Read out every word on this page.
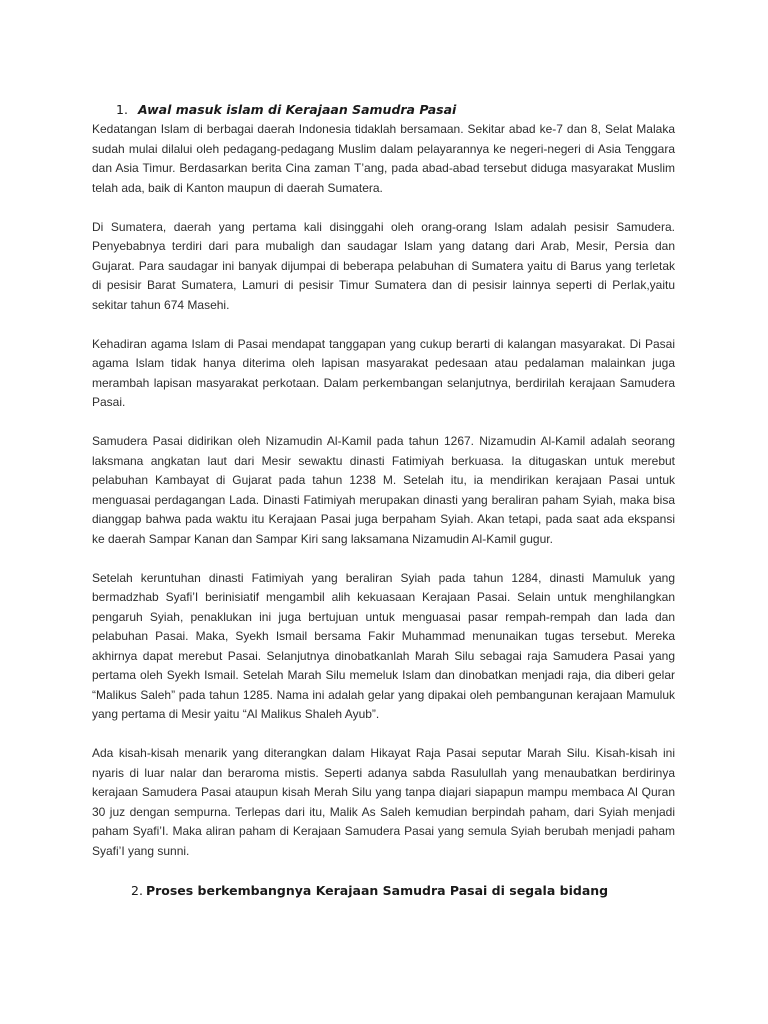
1. Awal masuk islam di Kerajaan Samudra Pasai

Kedatangan Islam di berbagai daerah Indonesia tidaklah bersamaan. Sekitar abad ke-7 dan 8, Selat Malaka sudah mulai dilalui oleh pedagang-pedagang Muslim dalam pelayarannya ke negeri-negeri di Asia Tenggara dan Asia Timur. Berdasarkan berita Cina zaman T’ang, pada abad-abad tersebut diduga masyarakat Muslim telah ada, baik di Kanton maupun di daerah Sumatera.

Di Sumatera, daerah yang pertama kali disinggahi oleh orang-orang Islam adalah pesisir Samudera. Penyebabnya terdiri dari para mubaligh dan saudagar Islam yang datang dari Arab, Mesir, Persia dan Gujarat. Para saudagar ini banyak dijumpai di beberapa pelabuhan di Sumatera yaitu di Barus yang terletak di pesisir Barat Sumatera, Lamuri di pesisir Timur Sumatera dan di pesisir lainnya seperti di Perlak,yaitu sekitar tahun 674 Masehi.

Kehadiran agama Islam di Pasai mendapat tanggapan yang cukup berarti di kalangan masyarakat. Di Pasai agama Islam tidak hanya diterima oleh lapisan masyarakat pedesaan atau pedalaman malainkan juga merambah lapisan masyarakat perkotaan. Dalam perkembangan selanjutnya, berdirilah kerajaan Samudera Pasai.

Samudera Pasai didirikan oleh Nizamudin Al-Kamil pada tahun 1267. Nizamudin Al-Kamil adalah seorang laksmana angkatan laut dari Mesir sewaktu dinasti Fatimiyah berkuasa. Ia ditugaskan untuk merebut pelabuhan Kambayat di Gujarat pada tahun 1238 M. Setelah itu, ia mendirikan kerajaan Pasai untuk menguasai perdagangan Lada. Dinasti Fatimiyah merupakan dinasti yang beraliran paham Syiah, maka bisa dianggap bahwa pada waktu itu Kerajaan Pasai juga berpaham Syiah. Akan tetapi, pada saat ada ekspansi ke daerah Sampar Kanan dan Sampar Kiri sang laksamana Nizamudin Al-Kamil gugur.

Setelah keruntuhan dinasti Fatimiyah yang beraliran Syiah pada tahun 1284, dinasti Mamuluk yang bermadzhab Syafi’I berinisiatif mengambil alih kekuasaan Kerajaan Pasai. Selain untuk menghilangkan pengaruh Syiah, penaklukan ini juga bertujuan untuk menguasai pasar rempah-rempah dan lada dan pelabuhan Pasai. Maka, Syekh Ismail bersama Fakir Muhammad menunaikan tugas tersebut. Mereka akhirnya dapat merebut Pasai. Selanjutnya dinobatkanlah Marah Silu sebagai raja Samudera Pasai yang pertama oleh Syekh Ismail. Setelah Marah Silu memeluk Islam dan dinobatkan menjadi raja, dia diberi gelar “Malikus Saleh” pada tahun 1285. Nama ini adalah gelar yang dipakai oleh pembangunan kerajaan Mamuluk yang pertama di Mesir yaitu “Al Malikus Shaleh Ayub”.

Ada kisah-kisah menarik yang diterangkan dalam Hikayat Raja Pasai seputar Marah Silu. Kisah-kisah ini nyaris di luar nalar dan beraroma mistis. Seperti adanya sabda Rasulullah yang menaubatkan berdirinya kerajaan Samudera Pasai ataupun kisah Merah Silu yang tanpa diajari siapapun mampu membaca Al Quran 30 juz dengan sempurna. Terlepas dari itu, Malik As Saleh kemudian berpindah paham, dari Syiah menjadi paham Syafi’I. Maka aliran paham di Kerajaan Samudera Pasai yang semula Syiah berubah menjadi paham Syafi’I yang sunni.

2. Proses berkembangnya Kerajaan Samudra Pasai di segala bidang
